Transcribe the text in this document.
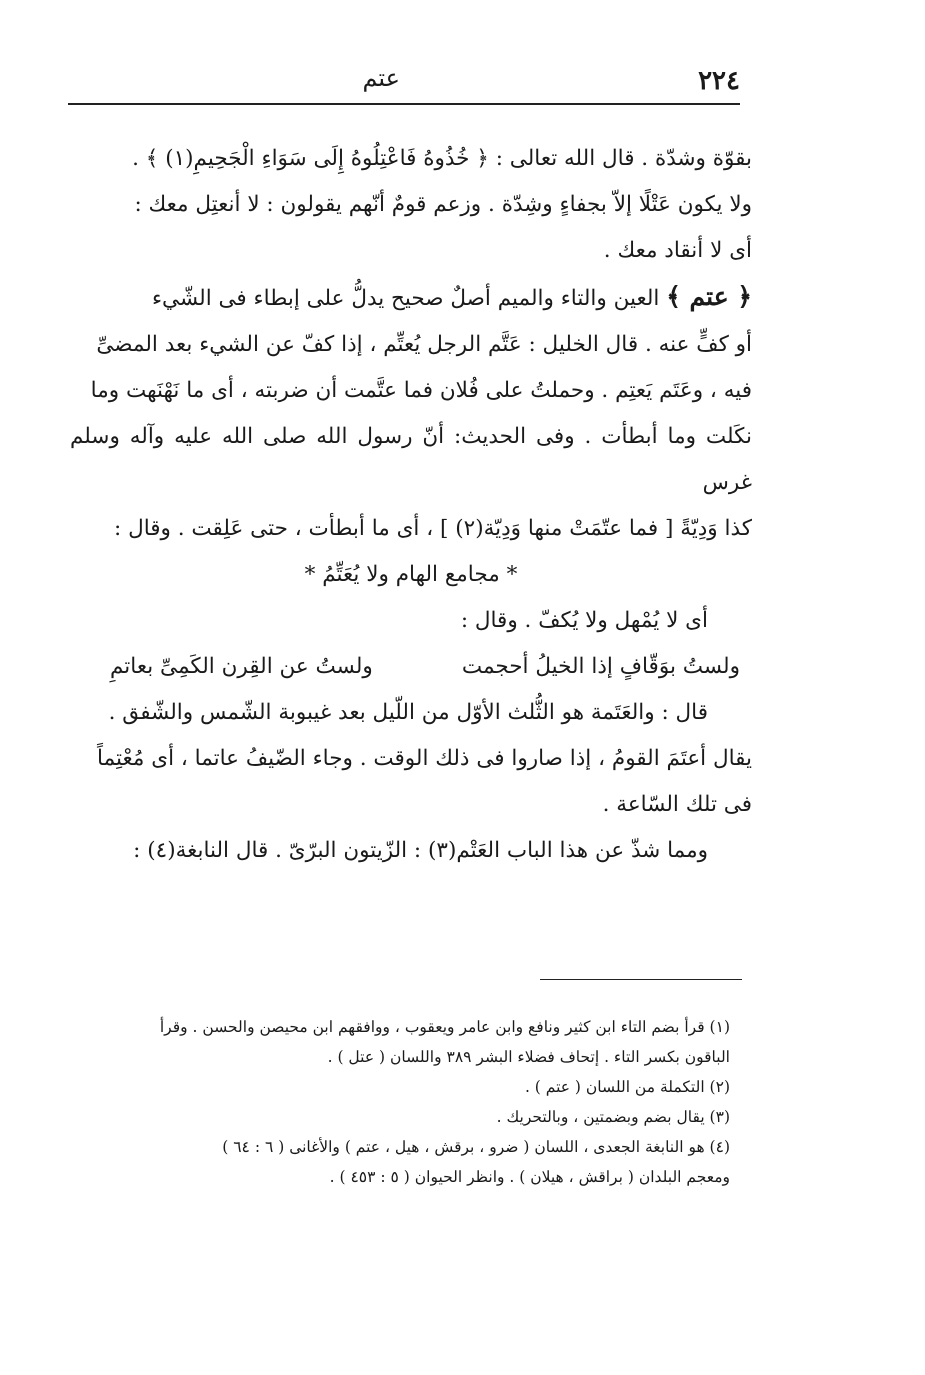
٢٢٤
عتم

بقوّة وشدّة . قال الله تعالى : ﴿ خُذُوهُ فَاعْتِلُوهُ إِلَى سَوَاءِ الْجَحِيمِ(١) ﴾ .

ولا يكون عَتْلًا إلاّ بجفاءٍ وشِدّة . وزعم قومٌ أنّهم يقولون : لا أنعتِل معك :

أى لا أنقاد معك .

﴿ عتم ﴾ العين والتاء والميم أصلٌ صحيح يدلُّ على إبطاء فى الشّيء

أو كفٍّ عنه . قال الخليل : عَتَّم الرجل يُعتِّم ، إذا كفّ عن الشيء بعد المضىِّ

فيه ، وعَتَم يَعتِم . وحملتُ على فُلان فما عتَّمت أن ضربته ، أى ما نَهْنَهت وما

نكَلت وما أبطأت . وفى الحديث: أنّ رسول الله صلى الله عليه وآله وسلم غرس

كذا وَدِيّةً [ فما عتّمَتْ منها وَدِيّة(٢) ] ، أى ما أبطأت ، حتى عَلِقت . وقال :

* مجامع الهام ولا يُعَتِّمُ *

أى لا يُمْهل ولا يُكفّ . وقال :

ولستُ بوَقّافٍ إذا الخيلُ أحجمت
ولستُ عن القِرن الكَمِىِّ بعاتمِ

قال : والعَتَمة هو الثُّلث الأوّل من اللّيل بعد غيبوبة الشّمس والشّفق .

يقال أعتَمَ القومُ ، إذا صاروا فى ذلك الوقت . وجاء الضّيفُ عاتما ، أى مُعْتِماً

فى تلك السّاعة .

ومما شذّ عن هذا الباب العَتْم(٣) : الزّيتون البرّىّ . قال النابغة(٤) :

(١) قرأ بضم التاء ابن كثير ونافع وابن عامر ويعقوب ، ووافقهم ابن محيصن والحسن . وقرأ

الباقون بكسر التاء . إتحاف فضلاء البشر ٣٨٩ واللسان ( عتل ) .

(٢) التكملة من اللسان ( عتم ) .

(٣) يقال بضم وبضمتين ، وبالتحريك .

(٤) هو النابغة الجعدى ، اللسان ( ضرو ، برقش ، هيل ، عتم ) والأغانى ( ٦ : ٦٤ )

ومعجم البلدان ( براقش ، هيلان ) . وانظر الحيوان ( ٥ : ٤٥٣ ) .
